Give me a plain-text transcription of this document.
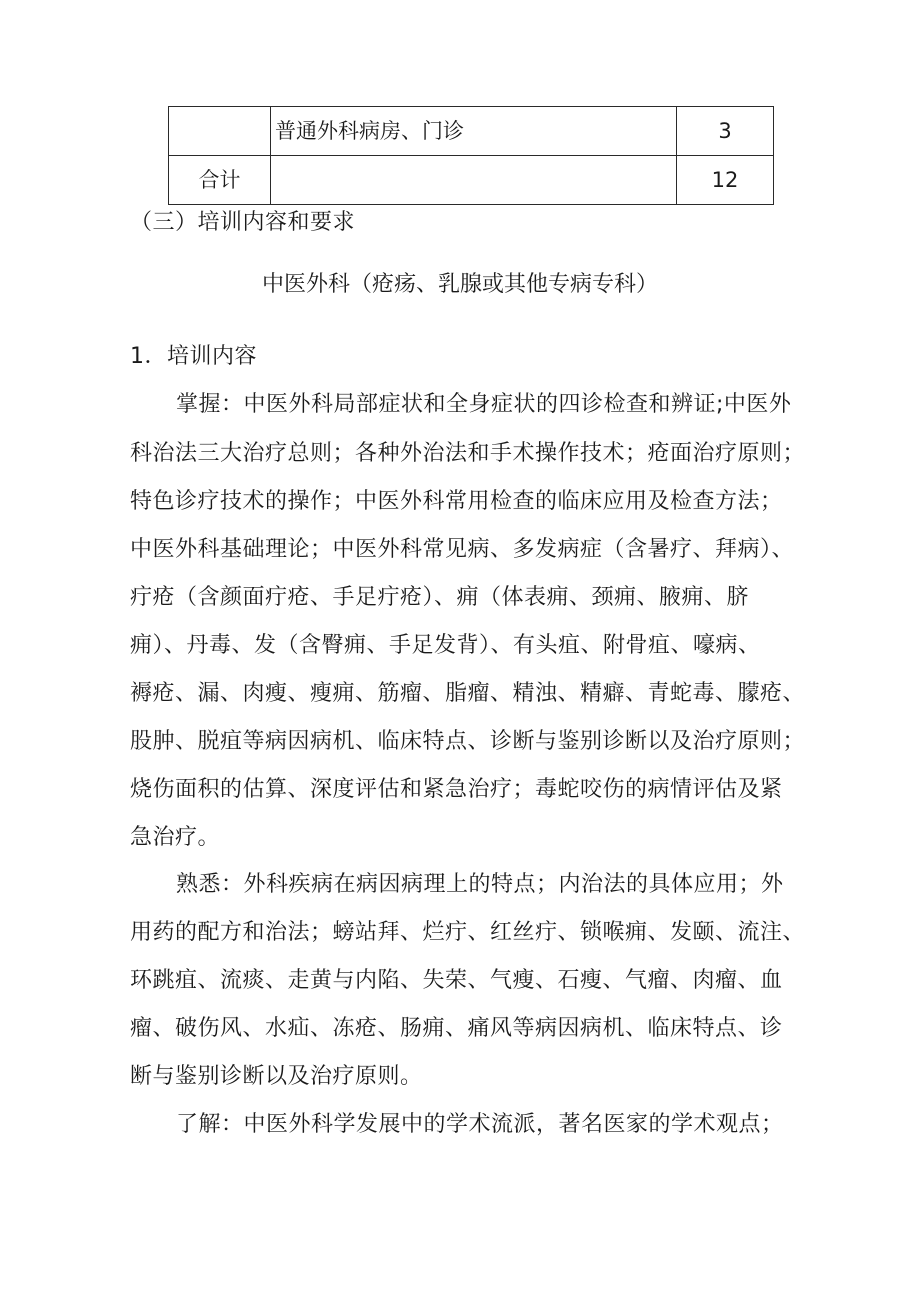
	普通外科病房、门诊	3
合计		12
（三）培训内容和要求
中医外科（疮疡、乳腺或其他专病专科）
1．培训内容
掌握：中医外科局部症状和全身症状的四诊检查和辨证;中医外
科治法三大治疗总则；各种外治法和手术操作技术；疮面治疗原则；
特色诊疗技术的操作；中医外科常用检查的临床应用及检查方法；
中医外科基础理论；中医外科常见病、多发病症（含暑疗、拜病）、
疔疮（含颜面疔疮、手足疔疮）、痈（体表痈、颈痈、腋痈、脐
痈）、丹毒、发（含臀痈、手足发背）、有头疽、附骨疽、嚎病、
褥疮、漏、肉瘦、瘦痈、筋瘤、脂瘤、精浊、精癖、青蛇毒、朦疮、
股肿、脱疽等病因病机、临床特点、诊断与鉴别诊断以及治疗原则；
烧伤面积的估算、深度评估和紧急治疗；毒蛇咬伤的病情评估及紧
急治疗。
熟悉：外科疾病在病因病理上的特点；内治法的具体应用；外
用药的配方和治法；螃站拜、烂疔、红丝疔、锁喉痈、发颐、流注、
环跳疽、流痰、走黄与内陷、失荣、气瘦、石瘦、气瘤、肉瘤、血
瘤、破伤风、水疝、冻疮、肠痈、痛风等病因病机、临床特点、诊
断与鉴别诊断以及治疗原则。
了解：中医外科学发展中的学术流派，著名医家的学术观点；
